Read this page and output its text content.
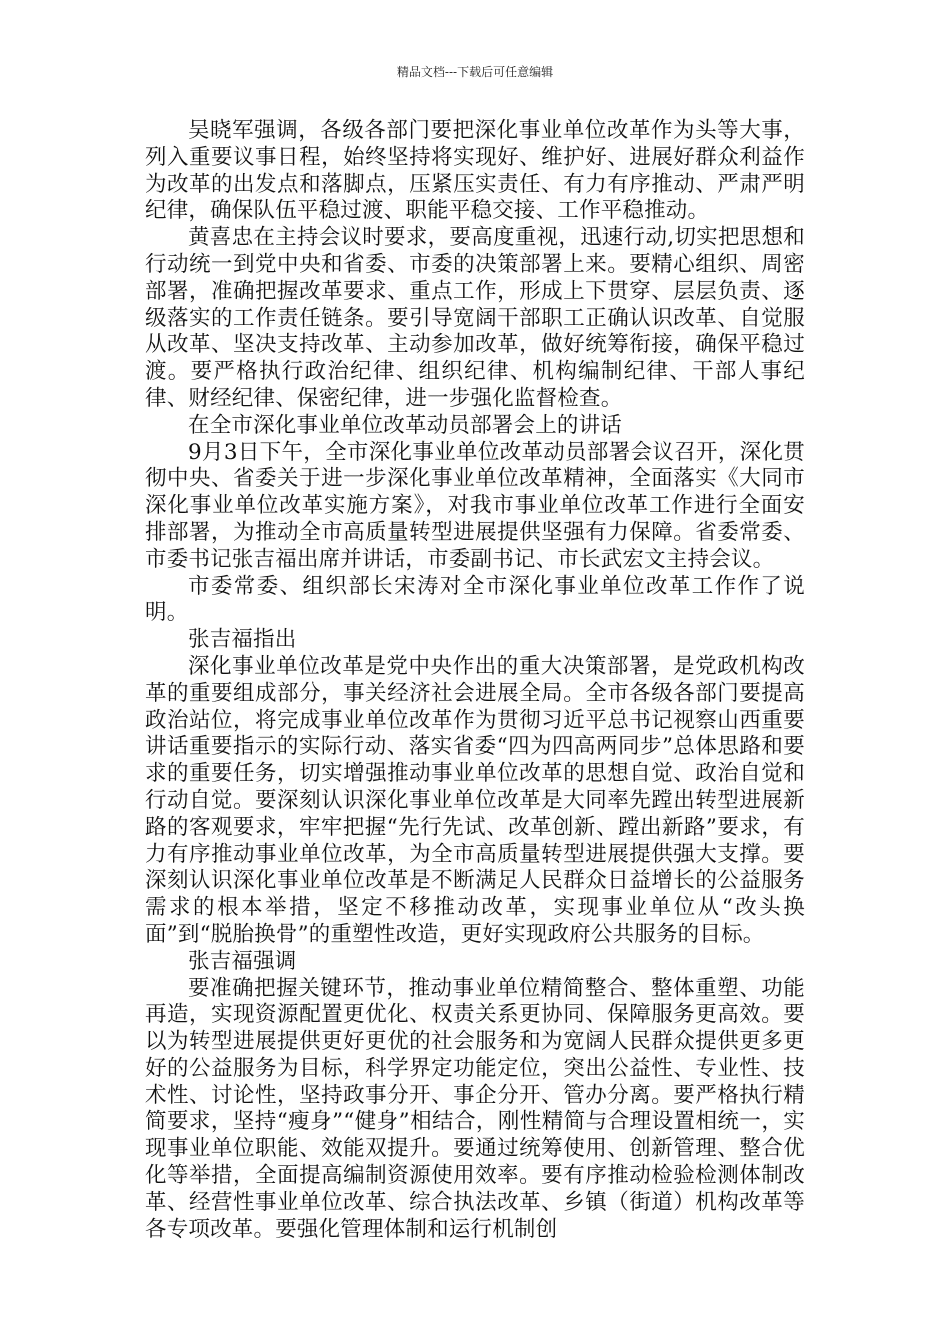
精品文档---下载后可任意编辑

吴晓军强调，各级各部门要把深化事业单位改革作为头等大事，列入重要议事日程，始终坚持将实现好、维护好、进展好群众利益作为改革的出发点和落脚点，压紧压实责任、有力有序推动、严肃严明纪律，确保队伍平稳过渡、职能平稳交接、工作平稳推动。

黄喜忠在主持会议时要求，要高度重视，迅速行动,切实把思想和行动统一到党中央和省委、市委的决策部署上来。要精心组织、周密部署，准确把握改革要求、重点工作，形成上下贯穿、层层负责、逐级落实的工作责任链条。要引导宽阔干部职工正确认识改革、自觉服从改革、坚决支持改革、主动参加改革，做好统筹衔接，确保平稳过渡。要严格执行政治纪律、组织纪律、机构编制纪律、干部人事纪律、财经纪律、保密纪律，进一步强化监督检查。

在全市深化事业单位改革动员部署会上的讲话

9月3日下午，全市深化事业单位改革动员部署会议召开，深化贯彻中央、省委关于进一步深化事业单位改革精神，全面落实《大同市深化事业单位改革实施方案》，对我市事业单位改革工作进行全面安排部署，为推动全市高质量转型进展提供坚强有力保障。省委常委、市委书记张吉福出席并讲话，市委副书记、市长武宏文主持会议。

市委常委、组织部长宋涛对全市深化事业单位改革工作作了说明。

张吉福指出

深化事业单位改革是党中央作出的重大决策部署，是党政机构改革的重要组成部分，事关经济社会进展全局。全市各级各部门要提高政治站位，将完成事业单位改革作为贯彻习近平总书记视察山西重要讲话重要指示的实际行动、落实省委“四为四高两同步”总体思路和要求的重要任务，切实增强推动事业单位改革的思想自觉、政治自觉和行动自觉。要深刻认识深化事业单位改革是大同率先蹚出转型进展新路的客观要求，牢牢把握“先行先试、改革创新、蹚出新路”要求，有力有序推动事业单位改革，为全市高质量转型进展提供强大支撑。要深刻认识深化事业单位改革是不断满足人民群众日益增长的公益服务需求的根本举措，坚定不移推动改革，实现事业单位从“改头换面”到“脱胎换骨”的重塑性改造，更好实现政府公共服务的目标。

张吉福强调

要准确把握关键环节，推动事业单位精简整合、整体重塑、功能再造，实现资源配置更优化、权责关系更协同、保障服务更高效。要以为转型进展提供更好更优的社会服务和为宽阔人民群众提供更多更好的公益服务为目标，科学界定功能定位，突出公益性、专业性、技术性、讨论性，坚持政事分开、事企分开、管办分离。要严格执行精简要求，坚持“瘦身”“健身”相结合，刚性精简与合理设置相统一，实现事业单位职能、效能双提升。要通过统筹使用、创新管理、整合优化等举措，全面提高编制资源使用效率。要有序推动检验检测体制改革、经营性事业单位改革、综合执法改革、乡镇（街道）机构改革等各专项改革。要强化管理体制和运行机制创
